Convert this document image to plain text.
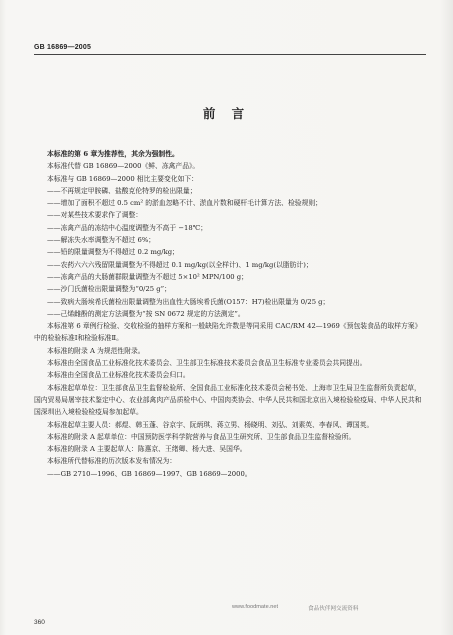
GB 16869—2005
前 言
本标准的第 6 章为推荐性，其余为强制性。
本标准代替 GB 16869—2000《鲜、冻禽产品》。
本标准与 GB 16869—2000 相比主要变化如下：
——不再规定甲胺磷、盐酸克伦特罗的检出限量；
——增加了面积不超过 0.5 cm² 的淤血忽略不计、淤血片数和硬杆毛计算方法、检验规则；
——对某些技术要求作了调整：
——冻禽产品的冻结中心温度调整为不高于 −18℃；
——解冻失水率调整为不超过 6%；
——铅的限量调整为不得超过 0.2 mg/kg；
——农药六六六残留限量调整为不得超过 0.1 mg/kg(以全样计)、1 mg/kg(以脂肪计)；
——冻禽产品的大肠菌群限量调整为不超过 5×10² MPN/100 g；
——沙门氏菌检出限量调整为“0/25 g”；
——致病大肠埃希氏菌检出限量调整为出血性大肠埃希氏菌(O157：H7)检出限量为 0/25 g；
——己烯雌酚的测定方法调整为“按 SN 0672 规定的方法测定”。
本标准第 6 章例行检验、交收检验的抽样方案和一般缺陷允许数是等同采用 CAC/RM 42—1969《预包装食品的取样方案》中的检验标准Ⅰ和检验标准Ⅱ。
本标准的附录 A 为规范性附录。
本标准由全国食品工业标准化技术委员会、卫生部卫生标准技术委员会食品卫生标准专业委员会共同提出。
本标准由全国食品工业标准化技术委员会归口。
本标准起草单位：卫生部食品卫生监督检验所、全国食品工业标准化技术委员会秘书处、上海市卫生局卫生监督所负责起草，国内贸易局屠宰技术鉴定中心、农业部禽肉产品质检中心、中国肉类协会、中华人民共和国北京出入境检验检疫局、中华人民共和国深圳出入境检验检疫局参加起草。
本标准起草主要人员：郝煜、韩玉蓬、谷京宇、阮炳琪、蒋立男、杨晓明、刘弘、刘素英、李春风、谭国英。
本标准的附录 A 起草单位：中国预防医学科学院营养与食品卫生研究所、卫生部食品卫生监督检验所。
本标准的附录 A 主要起草人：陈惠京、王绪卿、杨大进、吴国华。
本标准所代替标准的历次版本发布情况为：
——GB 2710—1996、GB 16869—1997、GB 16869—2000。
www.foodmate.net	食品伙伴网交流资料
360
